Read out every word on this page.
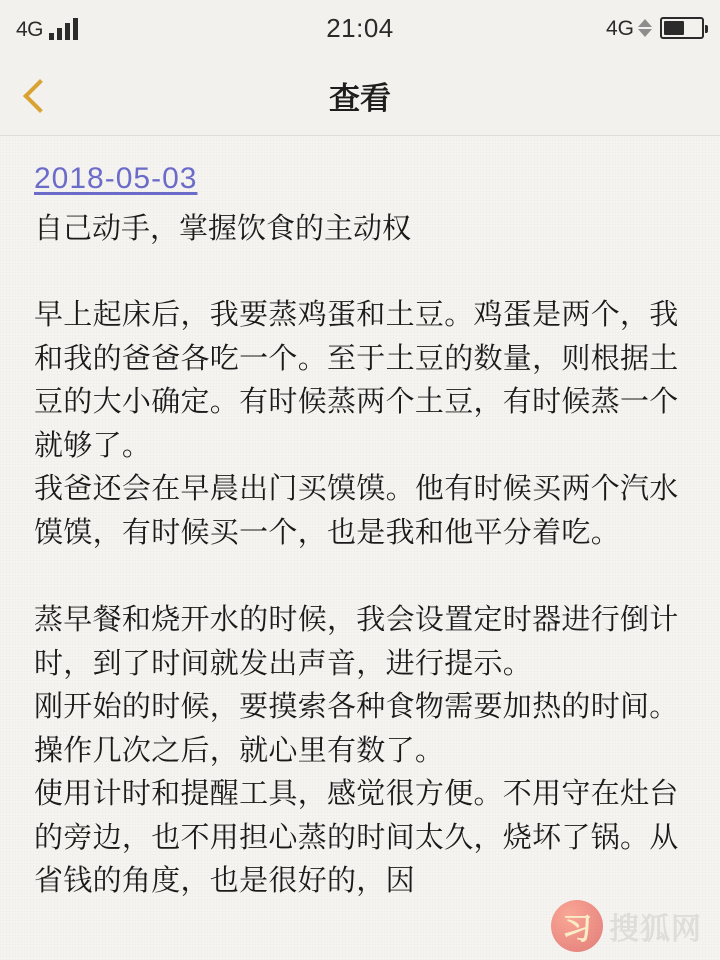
4G	21:04	4G
查看
2018-05-03
自己动手，掌握饮食的主动权

早上起床后，我要蒸鸡蛋和土豆。鸡蛋是两个，我和我的爸爸各吃一个。至于土豆的数量，则根据土豆的大小确定。有时候蒸两个土豆，有时候蒸一个就够了。

我爸还会在早晨出门买馍馍。他有时候买两个汽水馍馍，有时候买一个，也是我和他平分着吃。

蒸早餐和烧开水的时候，我会设置定时器进行倒计时，到了时间就发出声音，进行提示。

刚开始的时候，要摸索各种食物需要加热的时间。操作几次之后，就心里有数了。

使用计时和提醒工具，感觉很方便。不用守在灶台的旁边，也不用担心蒸的时间太久，烧坏了锅。从省钱的角度，也是很好的，因

习 搜狐网
